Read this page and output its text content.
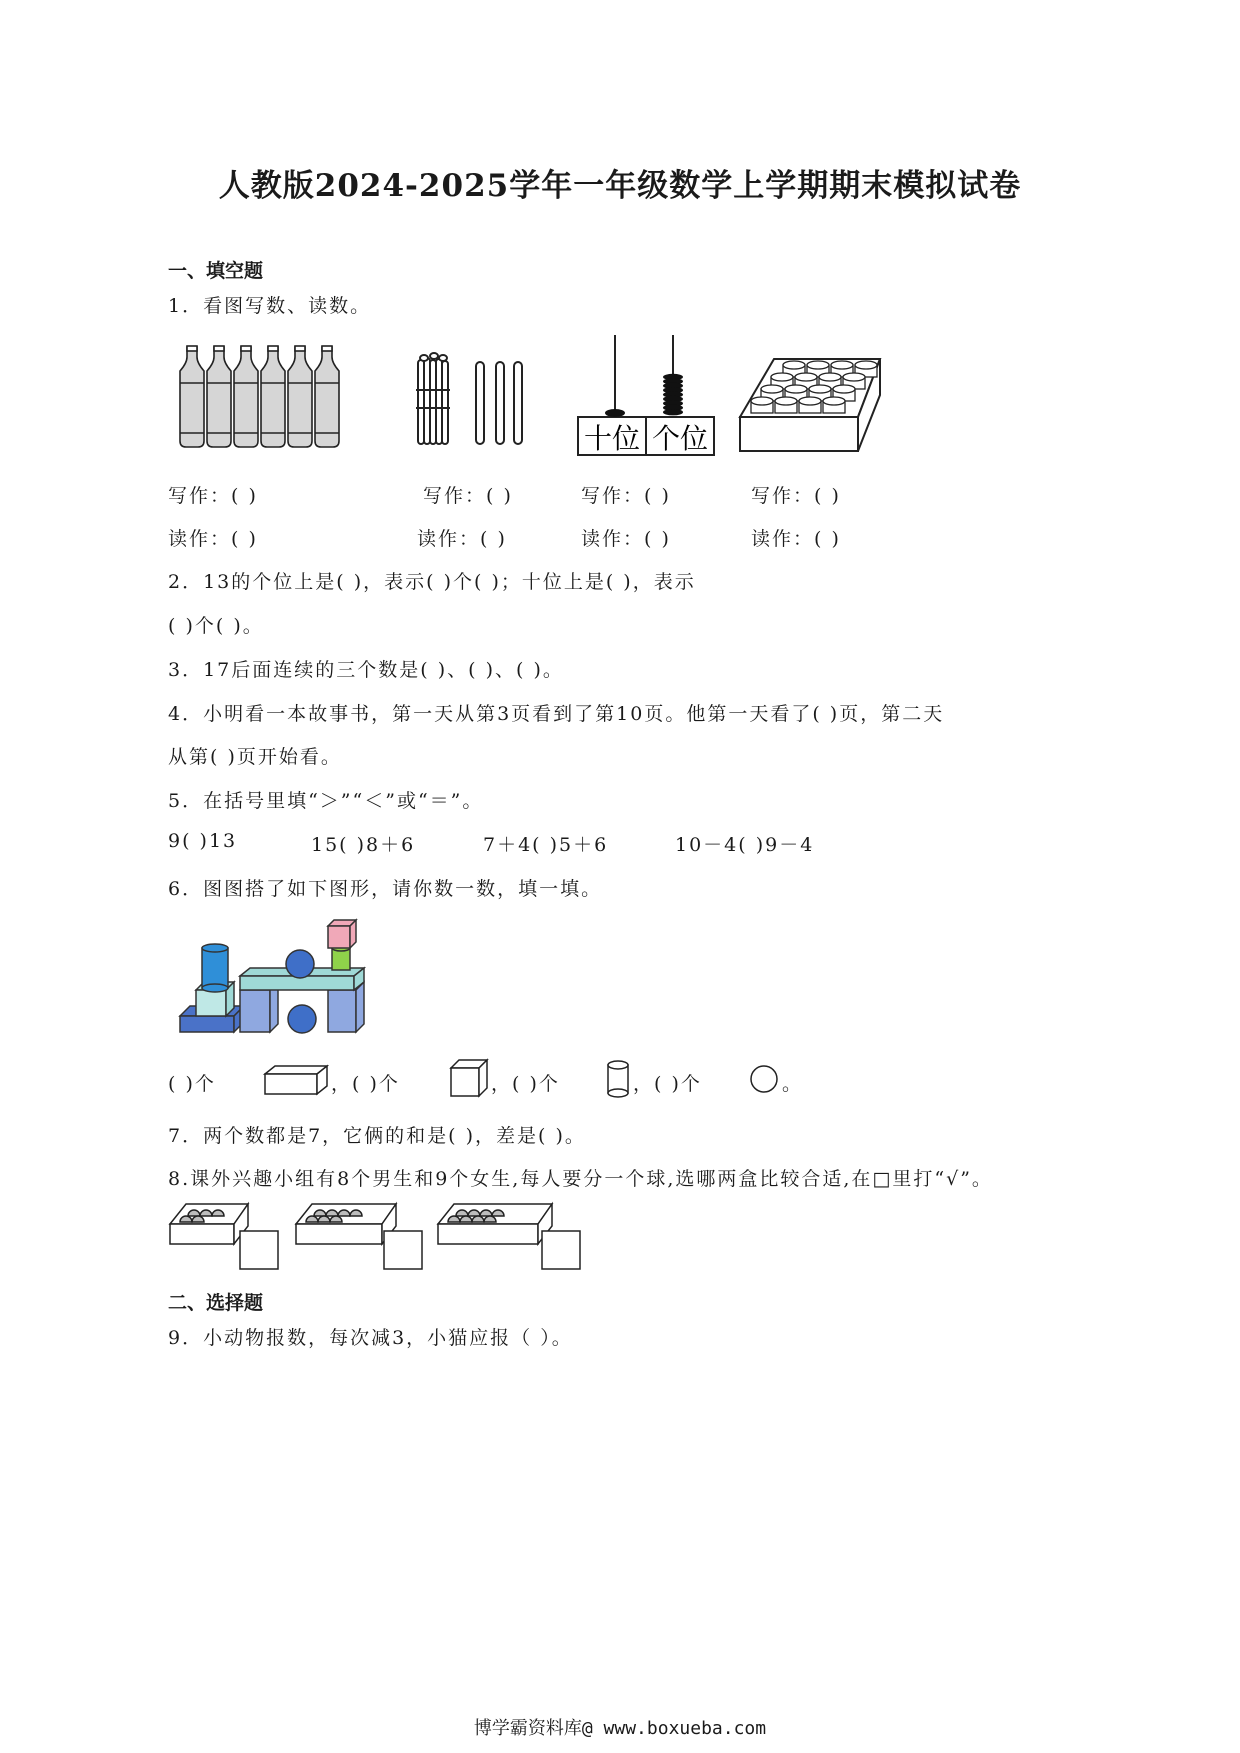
人教版2024-2025学年一年级数学上学期期末模拟试卷
一、填空题
1．看图写数、读数。
十位 个位
写作：( )	写作：( )	写作：( )	写作：( )
读作：( )	读作：( )	读作：( )	读作：( )
2．13的个位上是( )，表示( )个( )；十位上是( )，表示
( )个( )。
3．17后面连续的三个数是( )、( )、( )。
4．小明看一本故事书，第一天从第3页看到了第10页。他第一天看了( )页，第二天
从第( )页开始看。
5．在括号里填“＞”“＜”或“＝”。
9( )13	15( )8＋6	7＋4( )5＋6	10－4( )9－4
6．图图搭了如下图形，请你数一数，填一填。
( )个	，( )个	，( )个	，( )个	。
7．两个数都是7，它俩的和是( )，差是( )。
8.课外兴趣小组有8个男生和9个女生,每人要分一个球,选哪两盒比较合适,在□里打“√”。
二、选择题
9．小动物报数，每次减3，小猫应报（ ）。
博学霸资料库@ www.boxueba.com
